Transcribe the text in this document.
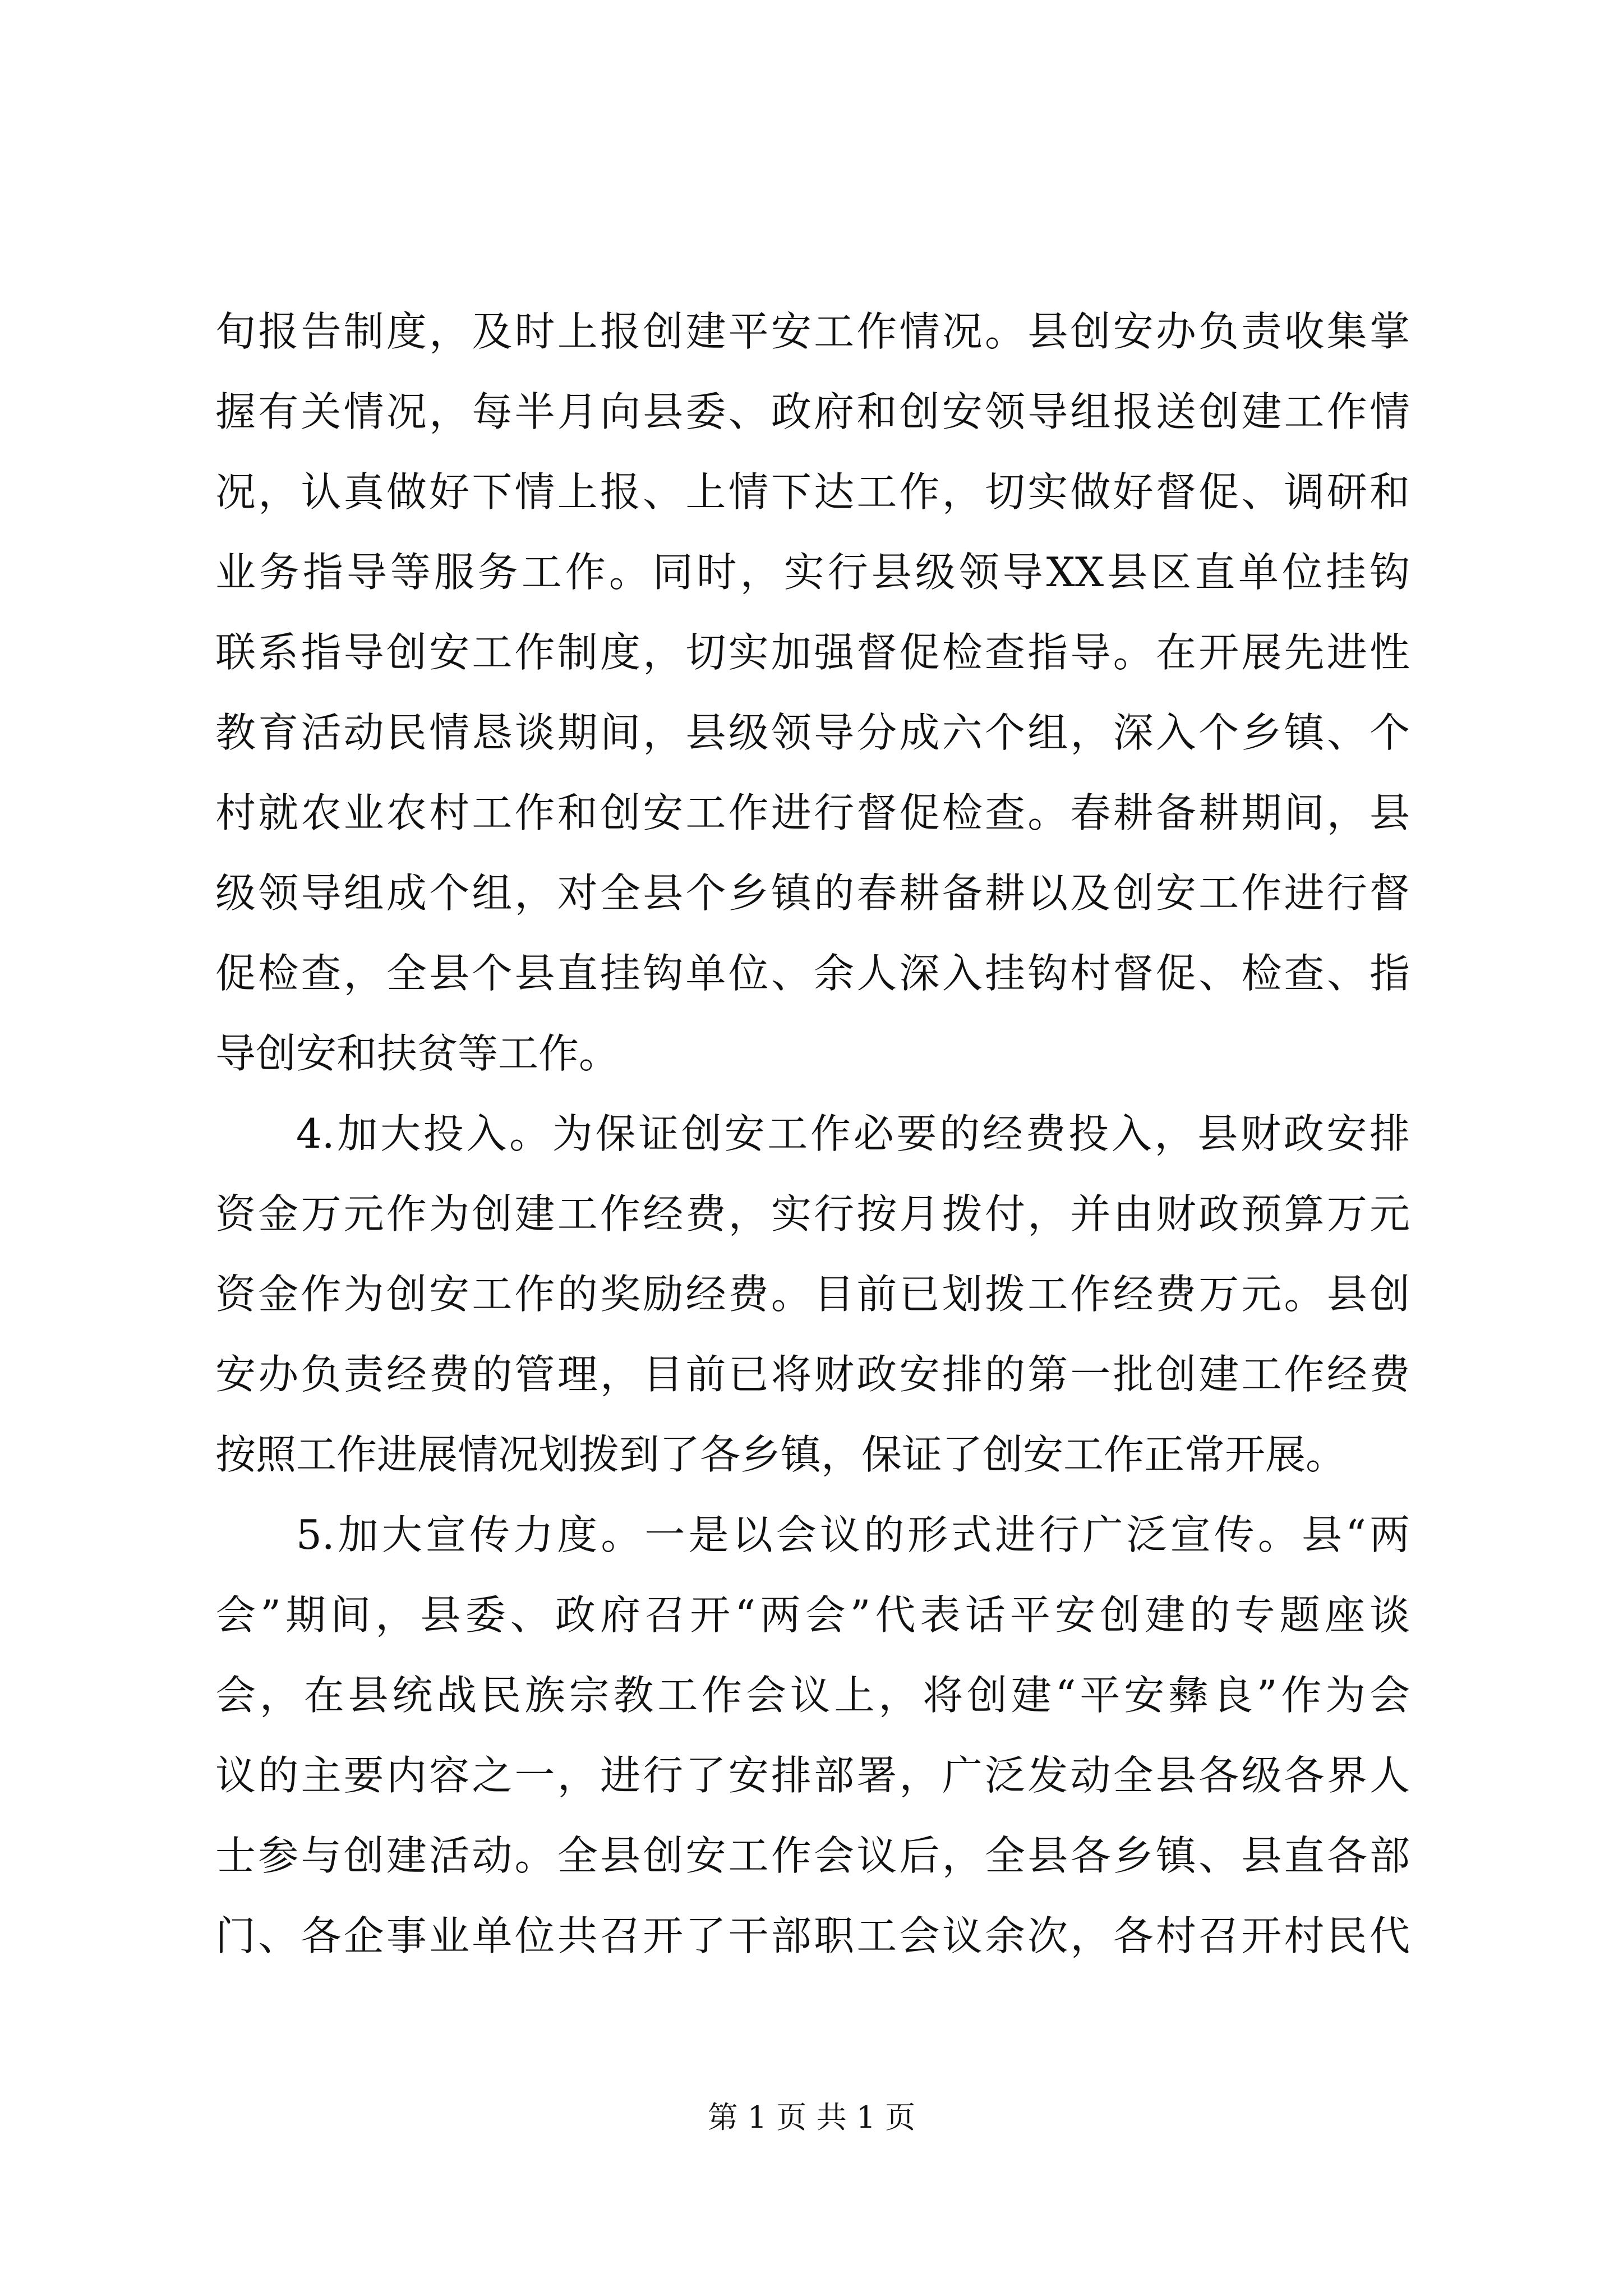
旬报告制度，及时上报创建平安工作情况。县创安办负责收集掌
握有关情况，每半月向县委、政府和创安领导组报送创建工作情
况，认真做好下情上报、上情下达工作，切实做好督促、调研和
业务指导等服务工作。同时，实行县级领导XX县区直单位挂钩
联系指导创安工作制度，切实加强督促检查指导。在开展先进性
教育活动民情恳谈期间，县级领导分成六个组，深入个乡镇、个
村就农业农村工作和创安工作进行督促检查。春耕备耕期间，县
级领导组成个组，对全县个乡镇的春耕备耕以及创安工作进行督
促检查，全县个县直挂钩单位、余人深入挂钩村督促、检查、指
导创安和扶贫等工作。
4.加大投入。为保证创安工作必要的经费投入，县财政安排
资金万元作为创建工作经费，实行按月拨付，并由财政预算万元
资金作为创安工作的奖励经费。目前已划拨工作经费万元。县创
安办负责经费的管理，目前已将财政安排的第一批创建工作经费
按照工作进展情况划拨到了各乡镇，保证了创安工作正常开展。
5.加大宣传力度。一是以会议的形式进行广泛宣传。县“两
会”期间，县委、政府召开“两会”代表话平安创建的专题座谈
会，在县统战民族宗教工作会议上，将创建“平安彝良”作为会
议的主要内容之一，进行了安排部署，广泛发动全县各级各界人
士参与创建活动。全县创安工作会议后，全县各乡镇、县直各部
门、各企事业单位共召开了干部职工会议余次，各村召开村民代
第 1 页 共 1 页
